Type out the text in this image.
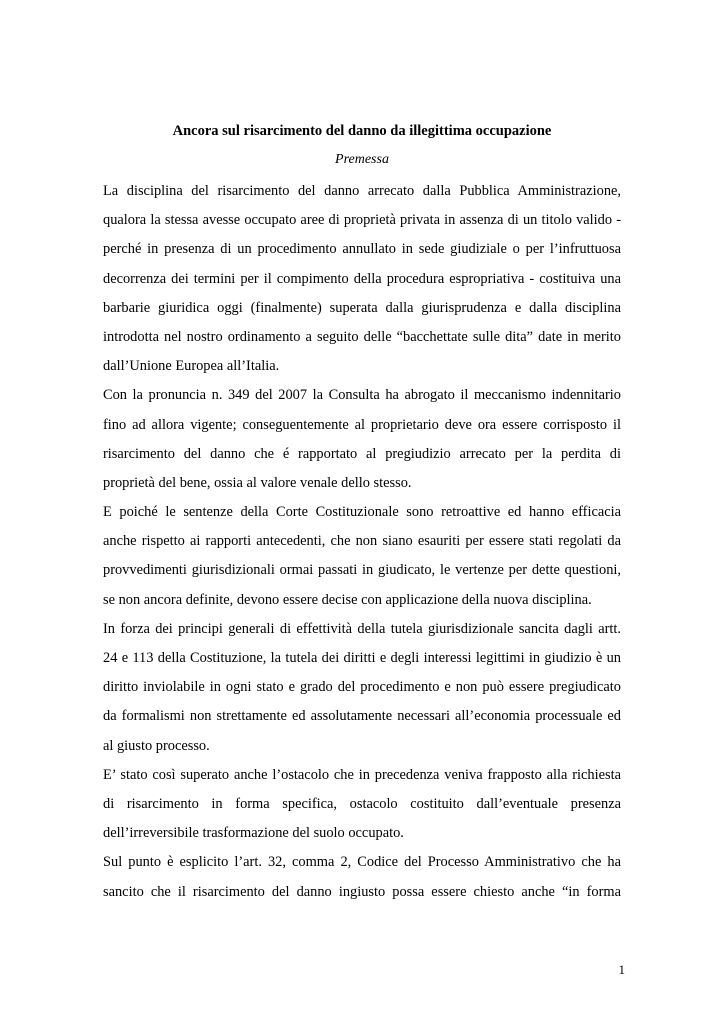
Ancora sul risarcimento del danno da illegittima occupazione
Premessa
La disciplina del risarcimento del danno arrecato dalla Pubblica Amministrazione,
qualora la stessa avesse occupato aree di proprietà privata in assenza di un titolo valido -
perché in presenza di un procedimento annullato in sede giudiziale o per l’infruttuosa
decorrenza dei termini per il compimento della procedura espropriativa - costituiva una
barbarie giuridica oggi (finalmente) superata dalla giurisprudenza e dalla disciplina
introdotta nel nostro ordinamento a seguito delle “bacchettate sulle dita” date in merito
dall’Unione Europea all’Italia.
Con la pronuncia n. 349 del 2007 la Consulta ha abrogato il meccanismo indennitario
fino ad allora vigente; conseguentemente al proprietario deve ora essere corrisposto il
risarcimento del danno che é rapportato al pregiudizio arrecato per la perdita di
proprietà del bene, ossia al valore venale dello stesso.
E poiché le sentenze della Corte Costituzionale sono retroattive ed hanno efficacia
anche rispetto ai rapporti antecedenti, che non siano esauriti per essere stati regolati da
provvedimenti giurisdizionali ormai passati in giudicato, le vertenze per dette questioni,
se non ancora definite, devono essere decise con applicazione della nuova disciplina.
In forza dei principi generali di effettività della tutela giurisdizionale sancita dagli artt.
24 e 113 della Costituzione, la tutela dei diritti e degli interessi legittimi in giudizio è un
diritto inviolabile in ogni stato e grado del procedimento e non può essere pregiudicato
da formalismi non strettamente ed assolutamente necessari all’economia processuale ed
al giusto processo.
E’ stato così superato anche l’ostacolo che in precedenza veniva frapposto alla richiesta
di risarcimento in forma specifica, ostacolo costituito dall’eventuale presenza
dell’irreversibile trasformazione del suolo occupato.
Sul punto è esplicito l’art. 32, comma 2, Codice del Processo Amministrativo che ha
sancito che il risarcimento del danno ingiusto possa essere chiesto anche “in forma
1
